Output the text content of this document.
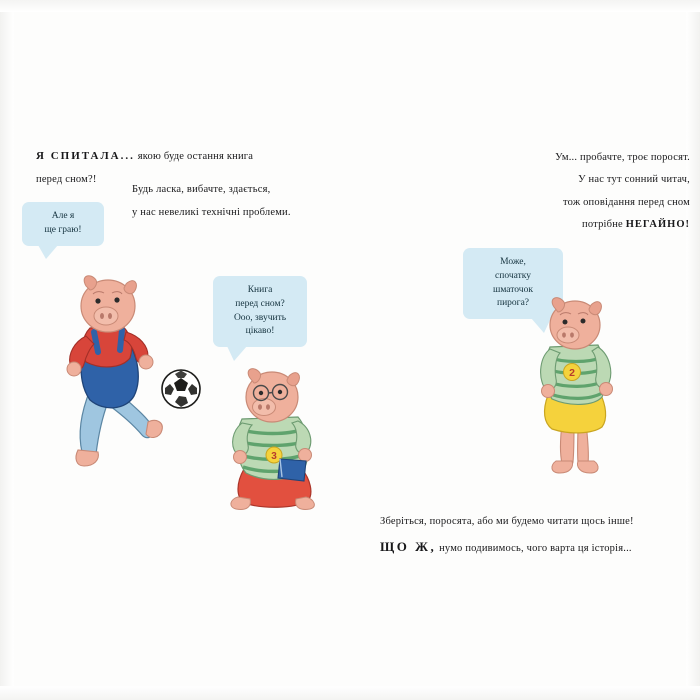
Я СПИТАЛА... якою буде остання книга
перед сном?!
Будь ласка, вибачте, здається,
у нас невеликі технічні проблеми.
Ум... пробачте, троє поросят.
У нас тут сонний читач,
тож оповідання перед сном
потрібне НЕГАЙНО!
Зберіться, поросята, або ми будемо читати щось інше!
ЩО Ж, нумо подивимось, чого варта ця історія...
Але я
ще граю!
Книга
перед сном?
Ооо, звучить
цікаво!
Може,
спочатку
шматочок
пирога?
3
2
